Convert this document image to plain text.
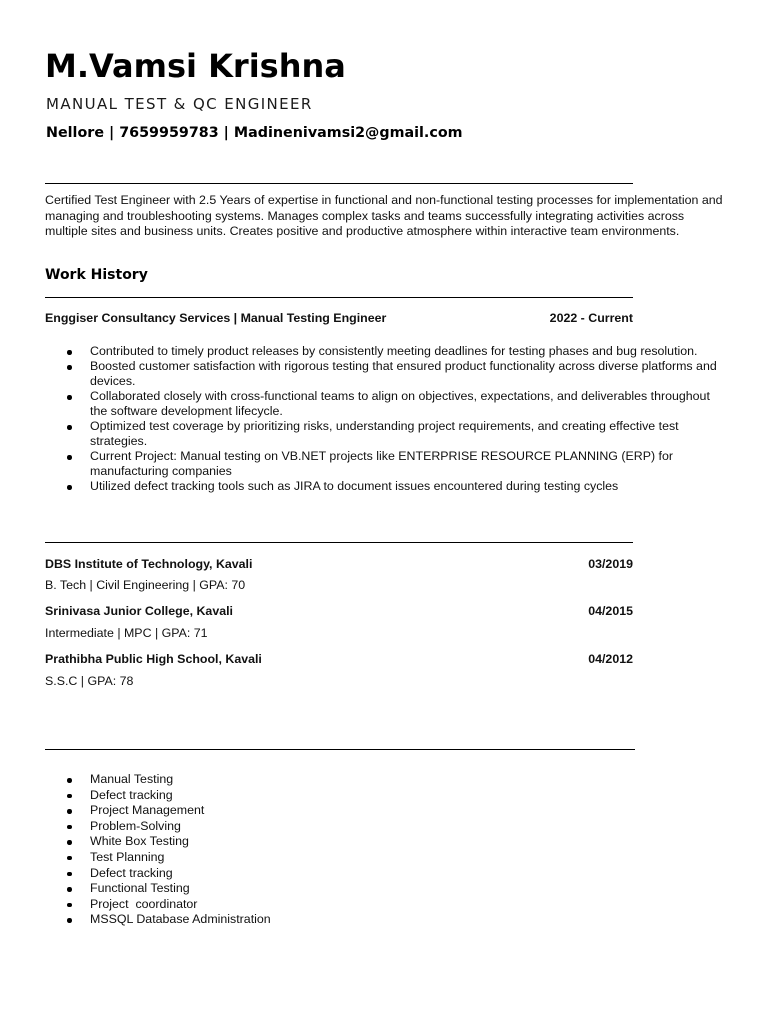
M.Vamsi Krishna
MANUAL TEST & QC ENGINEER
Nellore | 7659959783 | Madinenivamsi2@gmail.com
Certified Test Engineer with 2.5 Years of expertise in functional and non-functional testing processes for implementation and managing and troubleshooting systems. Manages complex tasks and teams successfully integrating activities across multiple sites and business units. Creates positive and productive atmosphere within interactive team environments.
Work History
Enggiser Consultancy Services | Manual Testing Engineer	2022 - Current
Contributed to timely product releases by consistently meeting deadlines for testing phases and bug resolution.
Boosted customer satisfaction with rigorous testing that ensured product functionality across diverse platforms and devices.
Collaborated closely with cross-functional teams to align on objectives, expectations, and deliverables throughout the software development lifecycle.
Optimized test coverage by prioritizing risks, understanding project requirements, and creating effective test strategies.
Current Project: Manual testing on VB.NET projects like ENTERPRISE RESOURCE PLANNING (ERP) for manufacturing companies
Utilized defect tracking tools such as JIRA to document issues encountered during testing cycles
DBS Institute of Technology, Kavali	03/2019
B. Tech | Civil Engineering | GPA: 70
Srinivasa Junior College, Kavali	04/2015
Intermediate | MPC | GPA: 71
Prathibha Public High School, Kavali	04/2012
S.S.C | GPA: 78
Manual Testing
Defect tracking
Project Management
Problem-Solving
White Box Testing
Test Planning
Defect tracking
Functional Testing
Project  coordinator
MSSQL Database Administration
